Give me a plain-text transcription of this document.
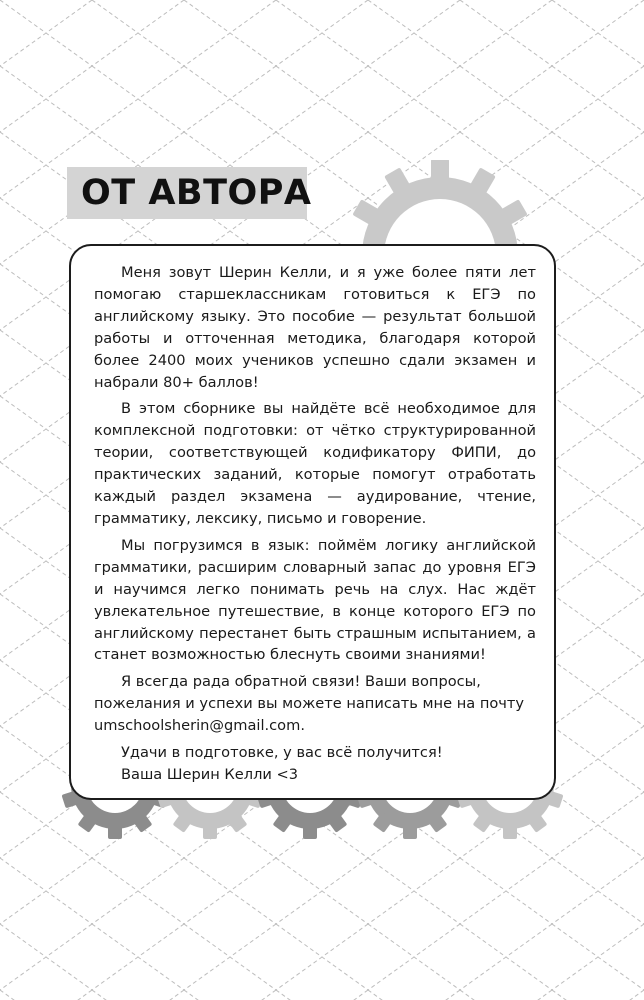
ОТ АВТОРА

Меня зовут Шерин Келли, и я уже более пяти лет помогаю старшеклассникам готовиться к ЕГЭ по английскому языку. Это пособие — результат большой работы и отточенная методика, благодаря которой более 2400 моих учеников успешно сдали экзамен и набрали 80+ баллов!

В этом сборнике вы найдёте всё необходимое для комплексной подготовки: от чётко структурированной теории, соответствующей кодификатору ФИПИ, до практических заданий, которые помогут отработать каждый раздел экзамена — аудирование, чтение, грамматику, лексику, письмо и говорение.

Мы погрузимся в язык: поймём логику английской грамматики, расширим словарный запас до уровня ЕГЭ и научимся легко понимать речь на слух. Нас ждёт увлекательное путешествие, в конце которого ЕГЭ по английскому перестанет быть страшным испытанием, а станет возможностью блеснуть своими знаниями!

Я всегда рада обратной связи! Ваши вопросы, пожелания и успехи вы можете написать мне на почту umschoolsherin@gmail.com.

Удачи в подготовке, у вас всё получится!

Ваша Шерин Келли <3
